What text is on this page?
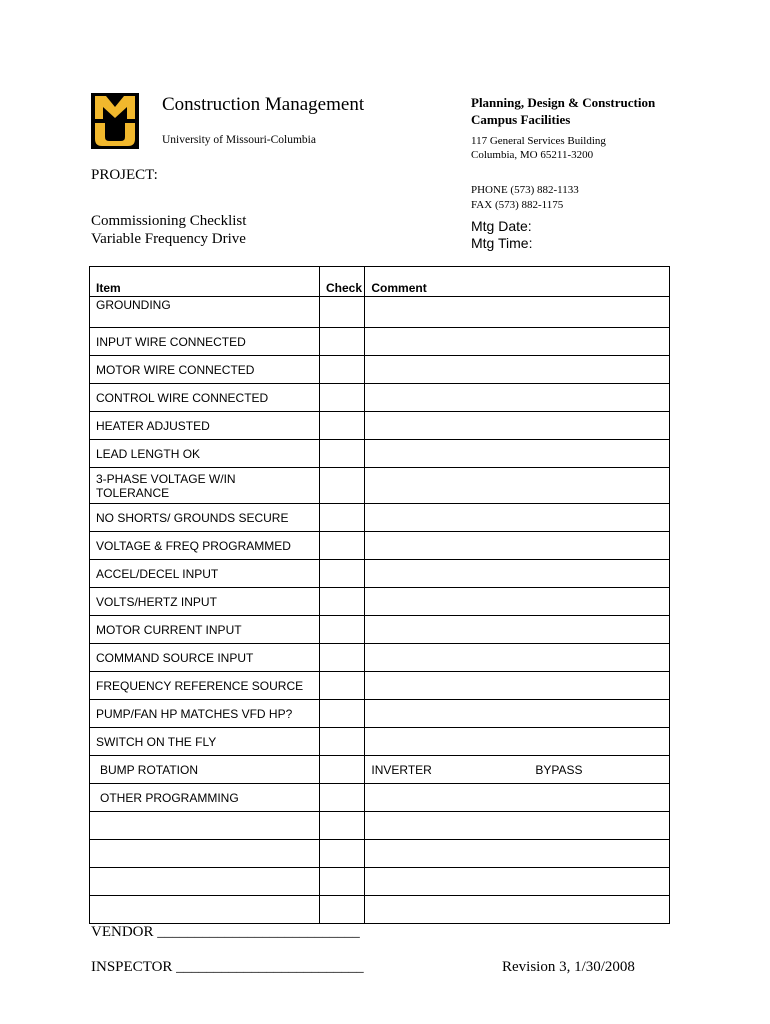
Construction Management
University of Missouri-Columbia
Planning, Design & Construction
Campus Facilities
117 General Services Building
Columbia, MO 65211-3200
PHONE (573) 882-1133
FAX (573) 882-1175
Mtg Date:
Mtg Time:
PROJECT:
Commissioning Checklist
Variable Frequency Drive
Item	Check	Comment
GROUNDING		
INPUT WIRE CONNECTED		
MOTOR WIRE CONNECTED		
CONTROL WIRE CONNECTED		
HEATER ADJUSTED		
LEAD LENGTH OK		
3-PHASE VOLTAGE W/IN TOLERANCE		
NO SHORTS/ GROUNDS SECURE		
VOLTAGE & FREQ PROGRAMMED		
ACCEL/DECEL INPUT		
VOLTS/HERTZ INPUT		
MOTOR CURRENT INPUT		
COMMAND SOURCE INPUT		
FREQUENCY REFERENCE SOURCE		
PUMP/FAN HP MATCHES VFD HP?		
SWITCH ON THE FLY		
BUMP ROTATION		INVERTER BYPASS

OTHER PROGRAMMING		

VENDOR ___________________________
INSPECTOR _________________________	Revision 3, 1/30/2008
